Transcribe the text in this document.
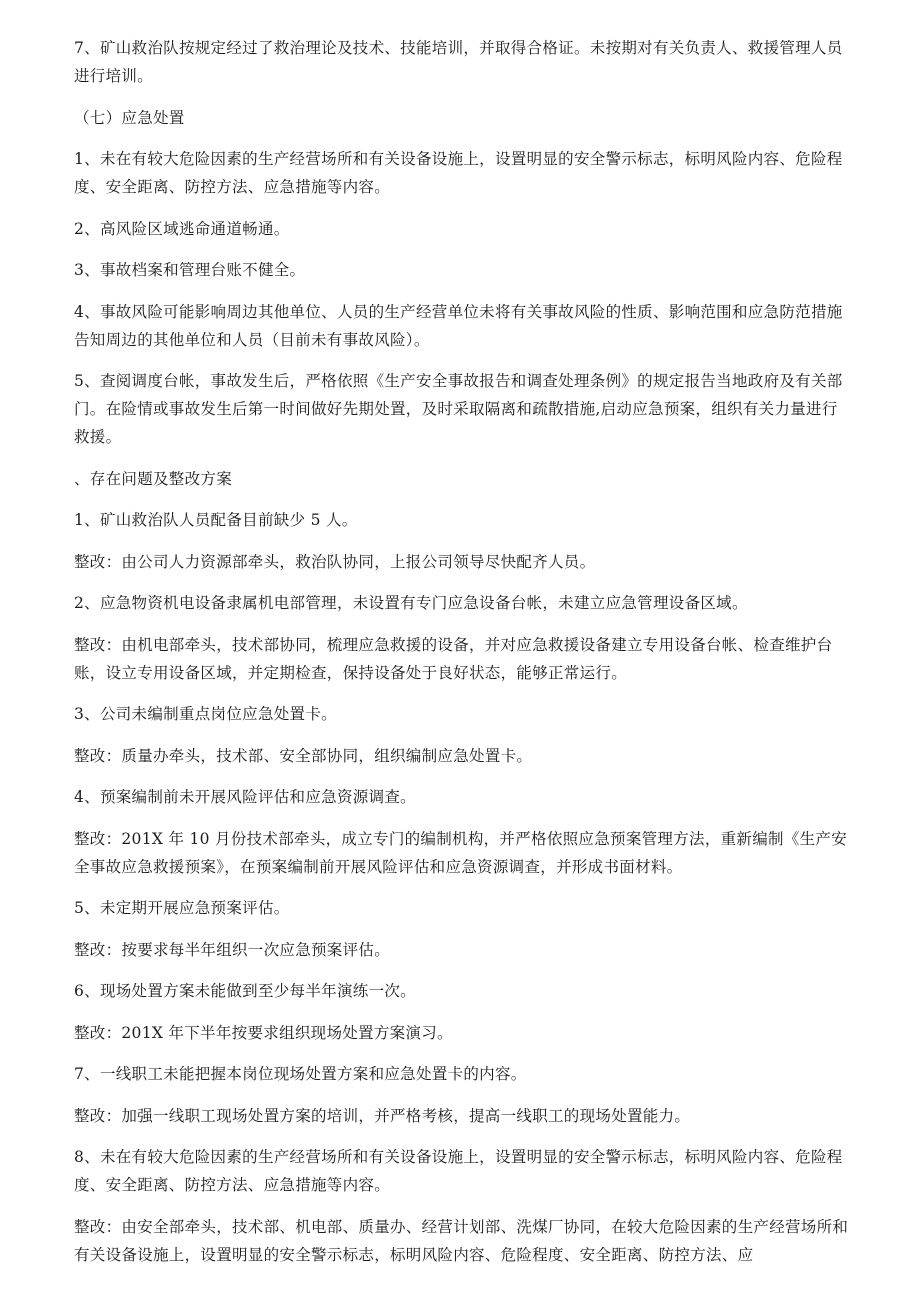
7、矿山救治队按规定经过了救治理论及技术、技能培训，并取得合格证。未按期对有关负责人、救援管理人员进行培训。

（七）应急处置

1、未在有较大危险因素的生产经营场所和有关设备设施上，设置明显的安全警示标志，标明风险内容、危险程度、安全距离、防控方法、应急措施等内容。

2、高风险区域逃命通道畅通。

3、事故档案和管理台账不健全。

4、事故风险可能影响周边其他单位、人员的生产经营单位未将有关事故风险的性质、影响范围和应急防范措施告知周边的其他单位和人员（目前未有事故风险）。

5、查阅调度台帐，事故发生后，严格依照《生产安全事故报告和调查处理条例》的规定报告当地政府及有关部门。在险情或事故发生后第一时间做好先期处置，及时采取隔离和疏散措施,启动应急预案，组织有关力量进行救援。

、存在问题及整改方案

1、矿山救治队人员配备目前缺少 5 人。

整改：由公司人力资源部牵头，救治队协同，上报公司领导尽快配齐人员。

2、应急物资机电设备隶属机电部管理，未设置有专门应急设备台帐，未建立应急管理设备区域。

整改：由机电部牵头，技术部协同，梳理应急救援的设备，并对应急救援设备建立专用设备台帐、检查维护台账，设立专用设备区域，并定期检查，保持设备处于良好状态，能够正常运行。

3、公司未编制重点岗位应急处置卡。

整改：质量办牵头，技术部、安全部协同，组织编制应急处置卡。

4、预案编制前未开展风险评估和应急资源调查。

整改：201X 年 10 月份技术部牵头，成立专门的编制机构，并严格依照应急预案管理方法，重新编制《生产安全事故应急救援预案》，在预案编制前开展风险评估和应急资源调查，并形成书面材料。

5、未定期开展应急预案评估。

整改：按要求每半年组织一次应急预案评估。

6、现场处置方案未能做到至少每半年演练一次。

整改：201X 年下半年按要求组织现场处置方案演习。

7、一线职工未能把握本岗位现场处置方案和应急处置卡的内容。

整改：加强一线职工现场处置方案的培训，并严格考核，提高一线职工的现场处置能力。

8、未在有较大危险因素的生产经营场所和有关设备设施上，设置明显的安全警示标志，标明风险内容、危险程度、安全距离、防控方法、应急措施等内容。

整改：由安全部牵头，技术部、机电部、质量办、经营计划部、洗煤厂协同，在较大危险因素的生产经营场所和有关设备设施上，设置明显的安全警示标志，标明风险内容、危险程度、安全距离、防控方法、应
